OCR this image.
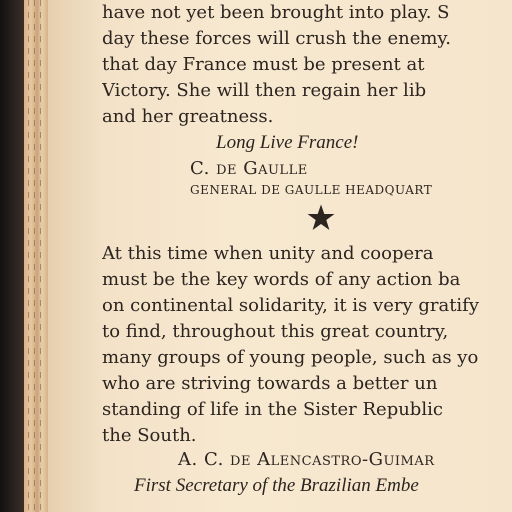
have not yet been brought into play. S
day these forces will crush the enemy.
that day France must be present at
Victory. She will then regain her lib
and her greatness.
Long Live France!
C. de Gaulle
GENERAL DE GAULLE HEADQUART
At this time when unity and coopera
must be the key words of any action ba
on continental solidarity, it is very gratify
to find, throughout this great country,
many groups of young people, such as yo
who are striving towards a better un
standing of life in the Sister Republic
the South.
A. C. de Alencastro-Guimar
First Secretary of the Brazilian Embe
